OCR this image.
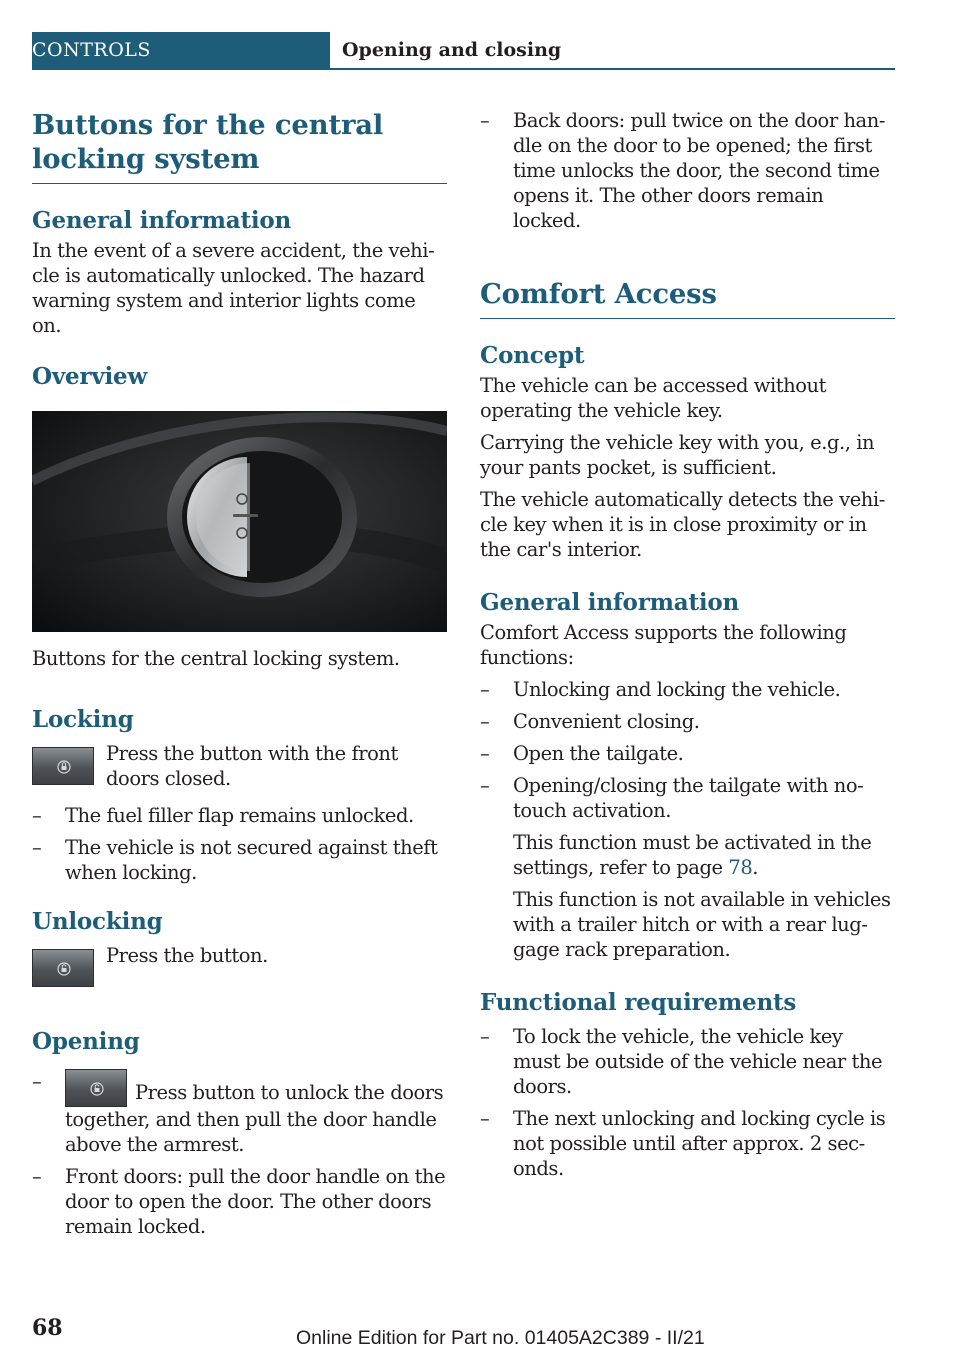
CONTROLS	Opening and closing
Buttons for the central locking system
General information

In the event of a severe accident, the vehicle is automatically unlocked. The hazard warning system and interior lights come on.

Overview

Buttons for the central locking system.

Locking

Press the button with the front doors closed.

– The fuel filler flap remains unlocked.
– The vehicle is not secured against theft when locking.
Unlocking

Press the button.

Opening
– Press button to unlock the doors together, and then pull the door handle above the armrest.
– Front doors: pull the door handle on the door to open the door. The other doors remain locked.
– Back doors: pull twice on the door handle on the door to be opened; the first time unlocks the door, the second time opens it. The other doors remain locked.
Comfort Access
Concept

The vehicle can be accessed without operating the vehicle key.

Carrying the vehicle key with you, e.g., in your pants pocket, is sufficient.

The vehicle automatically detects the vehicle key when it is in close proximity or in the car's interior.

General information

Comfort Access supports the following functions:

– Unlocking and locking the vehicle.
– Convenient closing.
– Open the tailgate.
– Opening/closing the tailgate with no-touch activation.

This function must be activated in the settings, refer to page 78.

This function is not available in vehicles with a trailer hitch or with a rear luggage rack preparation.

Functional requirements
– To lock the vehicle, the vehicle key must be outside of the vehicle near the doors.
– The next unlocking and locking cycle is not possible until after approx. 2 seconds.
68	Online Edition for Part no. 01405A2C389 - II/21
